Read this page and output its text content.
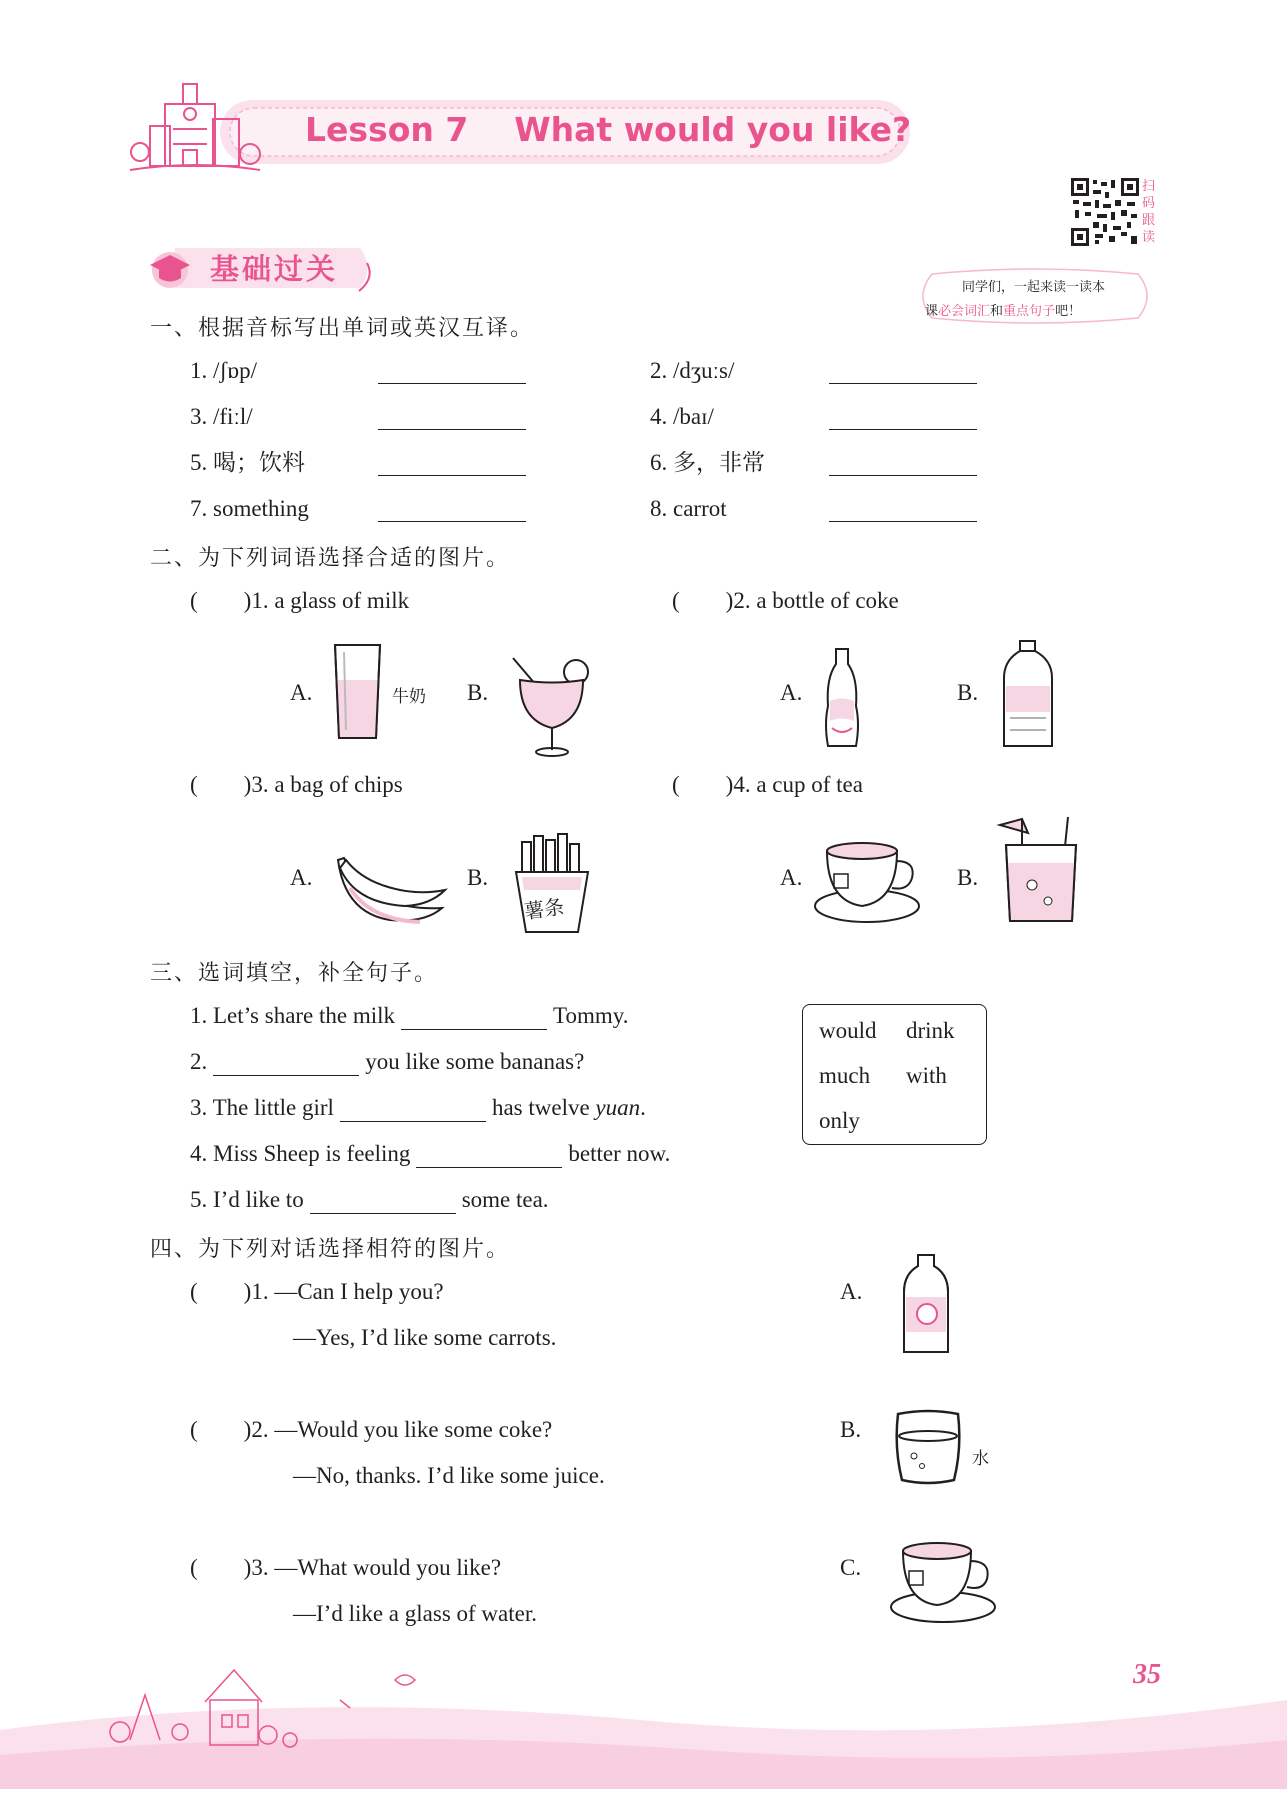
Lesson 7    What would you like?
扫
码
跟
读
同学们，一起来读一读本
课必会词汇和重点句子吧！
基础过关
一、根据音标写出单词或英汉互译。
1. /ʃɒp/	2. /dʒuːs/
3. /fiːl/	4. /baɪ/
5. 喝；饮料	6. 多，非常
7. something	8. carrot
二、为下列词语选择合适的图片。
(　　)1. a glass of milk	(　　)2. a bottle of coke
A.	牛奶 B.	A.	B.
(　　)3. a bag of chips	(　　)4. a cup of tea
A.	B.
薯条
A.	B.
三、选词填空，补全句子。
1. Let’s share the milk	Tommy.
2.	you like some bananas?
3. The little girl	has twelve yuan.
4. Miss Sheep is feeling	better now.
5. I’d like to	some tea.
would drink
much with
only
四、为下列对话选择相符的图片。
(　　)1. —Can I help you?
—Yes, I’d like some carrots.
(　　)2. —Would you like some coke?
—No, thanks. I’d like some juice.
(　　)3. —What would you like?
—I’d like a glass of water.
A.
B.
水
C.
35
